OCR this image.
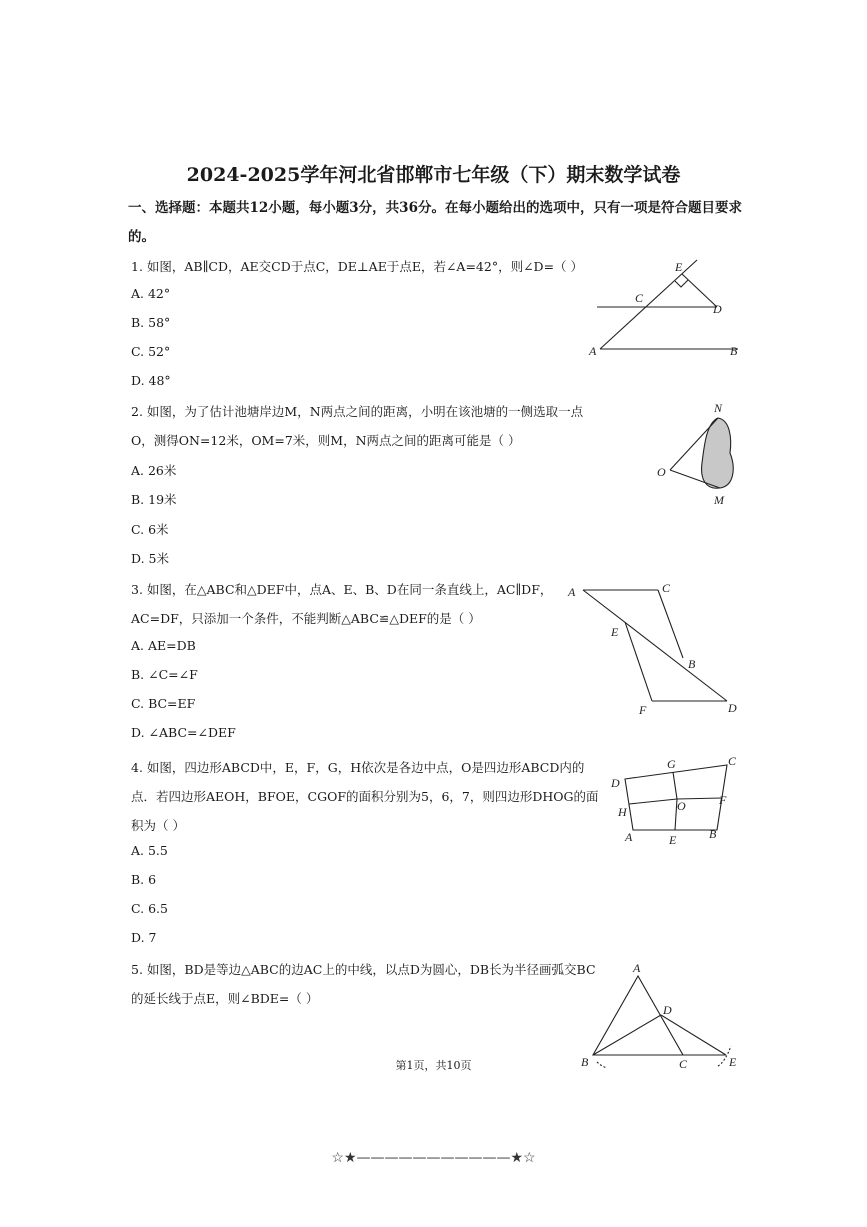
2024-2025学年河北省邯郸市七年级（下）期末数学试卷
一、选择题：本题共12小题，每小题3分，共36分。在每小题给出的选项中，只有一项是符合题目要求的。
1. 如图，AB∥CD，AE交CD于点C，DE⊥AE于点E，若∠A=42°，则∠D=（ ）
A. 42°
B. 58°
C. 52°
D. 48°
E
C
D
A	B
2. 如图，为了估计池塘岸边M，N两点之间的距离，小明在该池塘的一侧选取一点O，测得ON=12米，OM=7米，则M，N两点之间的距离可能是（ ）
A. 26米
B. 19米
C. 6米
D. 5米
N
O
M
3. 如图，在△ABC和△DEF中，点A、E、B、D在同一条直线上，AC∥DF，AC=DF，只添加一个条件，不能判断△ABC≌△DEF的是（ ）
A. AE=DB
B. ∠C=∠F
C. BC=EF
D. ∠ABC=∠DEF
A	C
E
B
F	D
4. 如图，四边形ABCD中，E，F，G，H依次是各边中点，O是四边形ABCD内的点．若四边形AEOH，BFOE，CGOF的面积分别为5，6，7，则四边形DHOG的面积为（ ）
A. 5.5
B. 6
C. 6.5
D. 7
G	C
D
O	F
H
A	E	B
5. 如图，BD是等边△ABC的边AC上的中线，以点D为圆心，DB长为半径画弧交BC的延长线于点E，则∠BDE=（ ）
A
D
B	C	E
第1页，共10页
☆★———————————★☆
